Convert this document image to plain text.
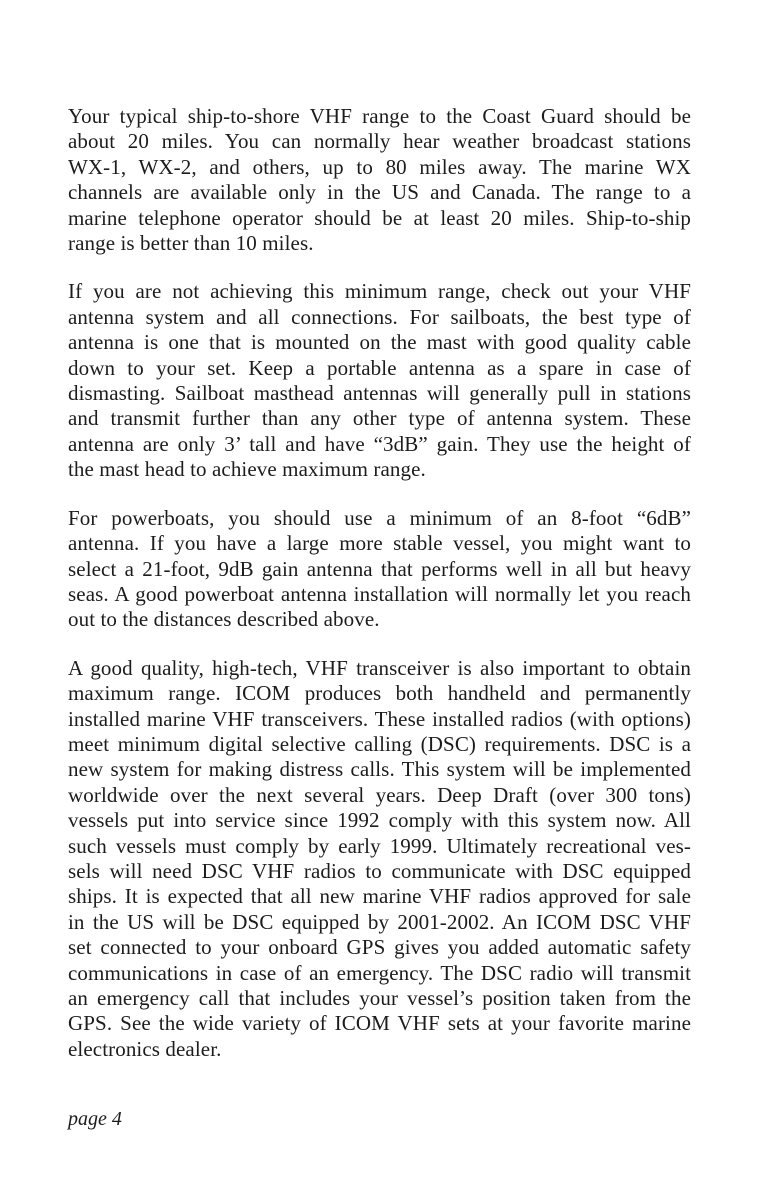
Your typical ship-to-shore VHF range to the Coast Guard should be
about 20 miles. You can normally hear weather broadcast stations
WX-1, WX-2, and others, up to 80 miles away. The marine WX
channels are available only in the US and Canada. The range to a
marine telephone operator should be at least 20 miles. Ship-to-ship
range is better than 10 miles.

If you are not achieving this minimum range, check out your VHF
antenna system and all connections. For sailboats, the best type of
antenna is one that is mounted on the mast with good quality cable
down to your set. Keep a portable antenna as a spare in case of
dismasting. Sailboat masthead antennas will generally pull in stations
and transmit further than any other type of antenna system. These
antenna are only 3’ tall and have “3dB” gain. They use the height of
the mast head to achieve maximum range.

For powerboats, you should use a minimum of an 8-foot “6dB”
antenna. If you have a large more stable vessel, you might want to
select a 21-foot, 9dB gain antenna that performs well in all but heavy
seas. A good powerboat antenna installation will normally let you reach
out to the distances described above.

A good quality, high-tech, VHF transceiver is also important to obtain
maximum range. ICOM produces both handheld and permanently
installed marine VHF transceivers. These installed radios (with options)
meet minimum digital selective calling (DSC) requirements. DSC is a
new system for making distress calls. This system will be implemented
worldwide over the next several years. Deep Draft (over 300 tons)
vessels put into service since 1992 comply with this system now. All
such vessels must comply by early 1999. Ultimately recreational ves-
sels will need DSC VHF radios to communicate with DSC equipped
ships. It is expected that all new marine VHF radios approved for sale
in the US will be DSC equipped by 2001-2002. An ICOM DSC VHF
set connected to your onboard GPS gives you added automatic safety
communications in case of an emergency. The DSC radio will transmit
an emergency call that includes your vessel’s position taken from the
GPS. See the wide variety of ICOM VHF sets at your favorite marine
electronics dealer.

page 4
